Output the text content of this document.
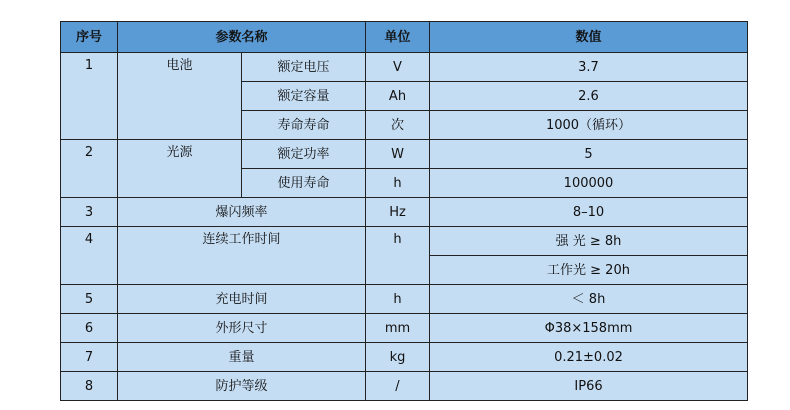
序号	参数名称		单位	数值
1	电池	额定电压	V	3.7
		额定容量	Ah	2.6
		寿命寿命	次	1000（循环）
2	光源	额定功率	W	5
		使用寿命	h	100000
3	爆闪频率		Hz	8–10
4	连续工作时间		h	强 光 ≥ 8h
				工作光 ≥ 20h
5	充电时间		h	＜ 8h
6	外形尺寸		mm	Φ38×158mm
7	重量		kg	0.21±0.02
8	防护等级		/	IP66
